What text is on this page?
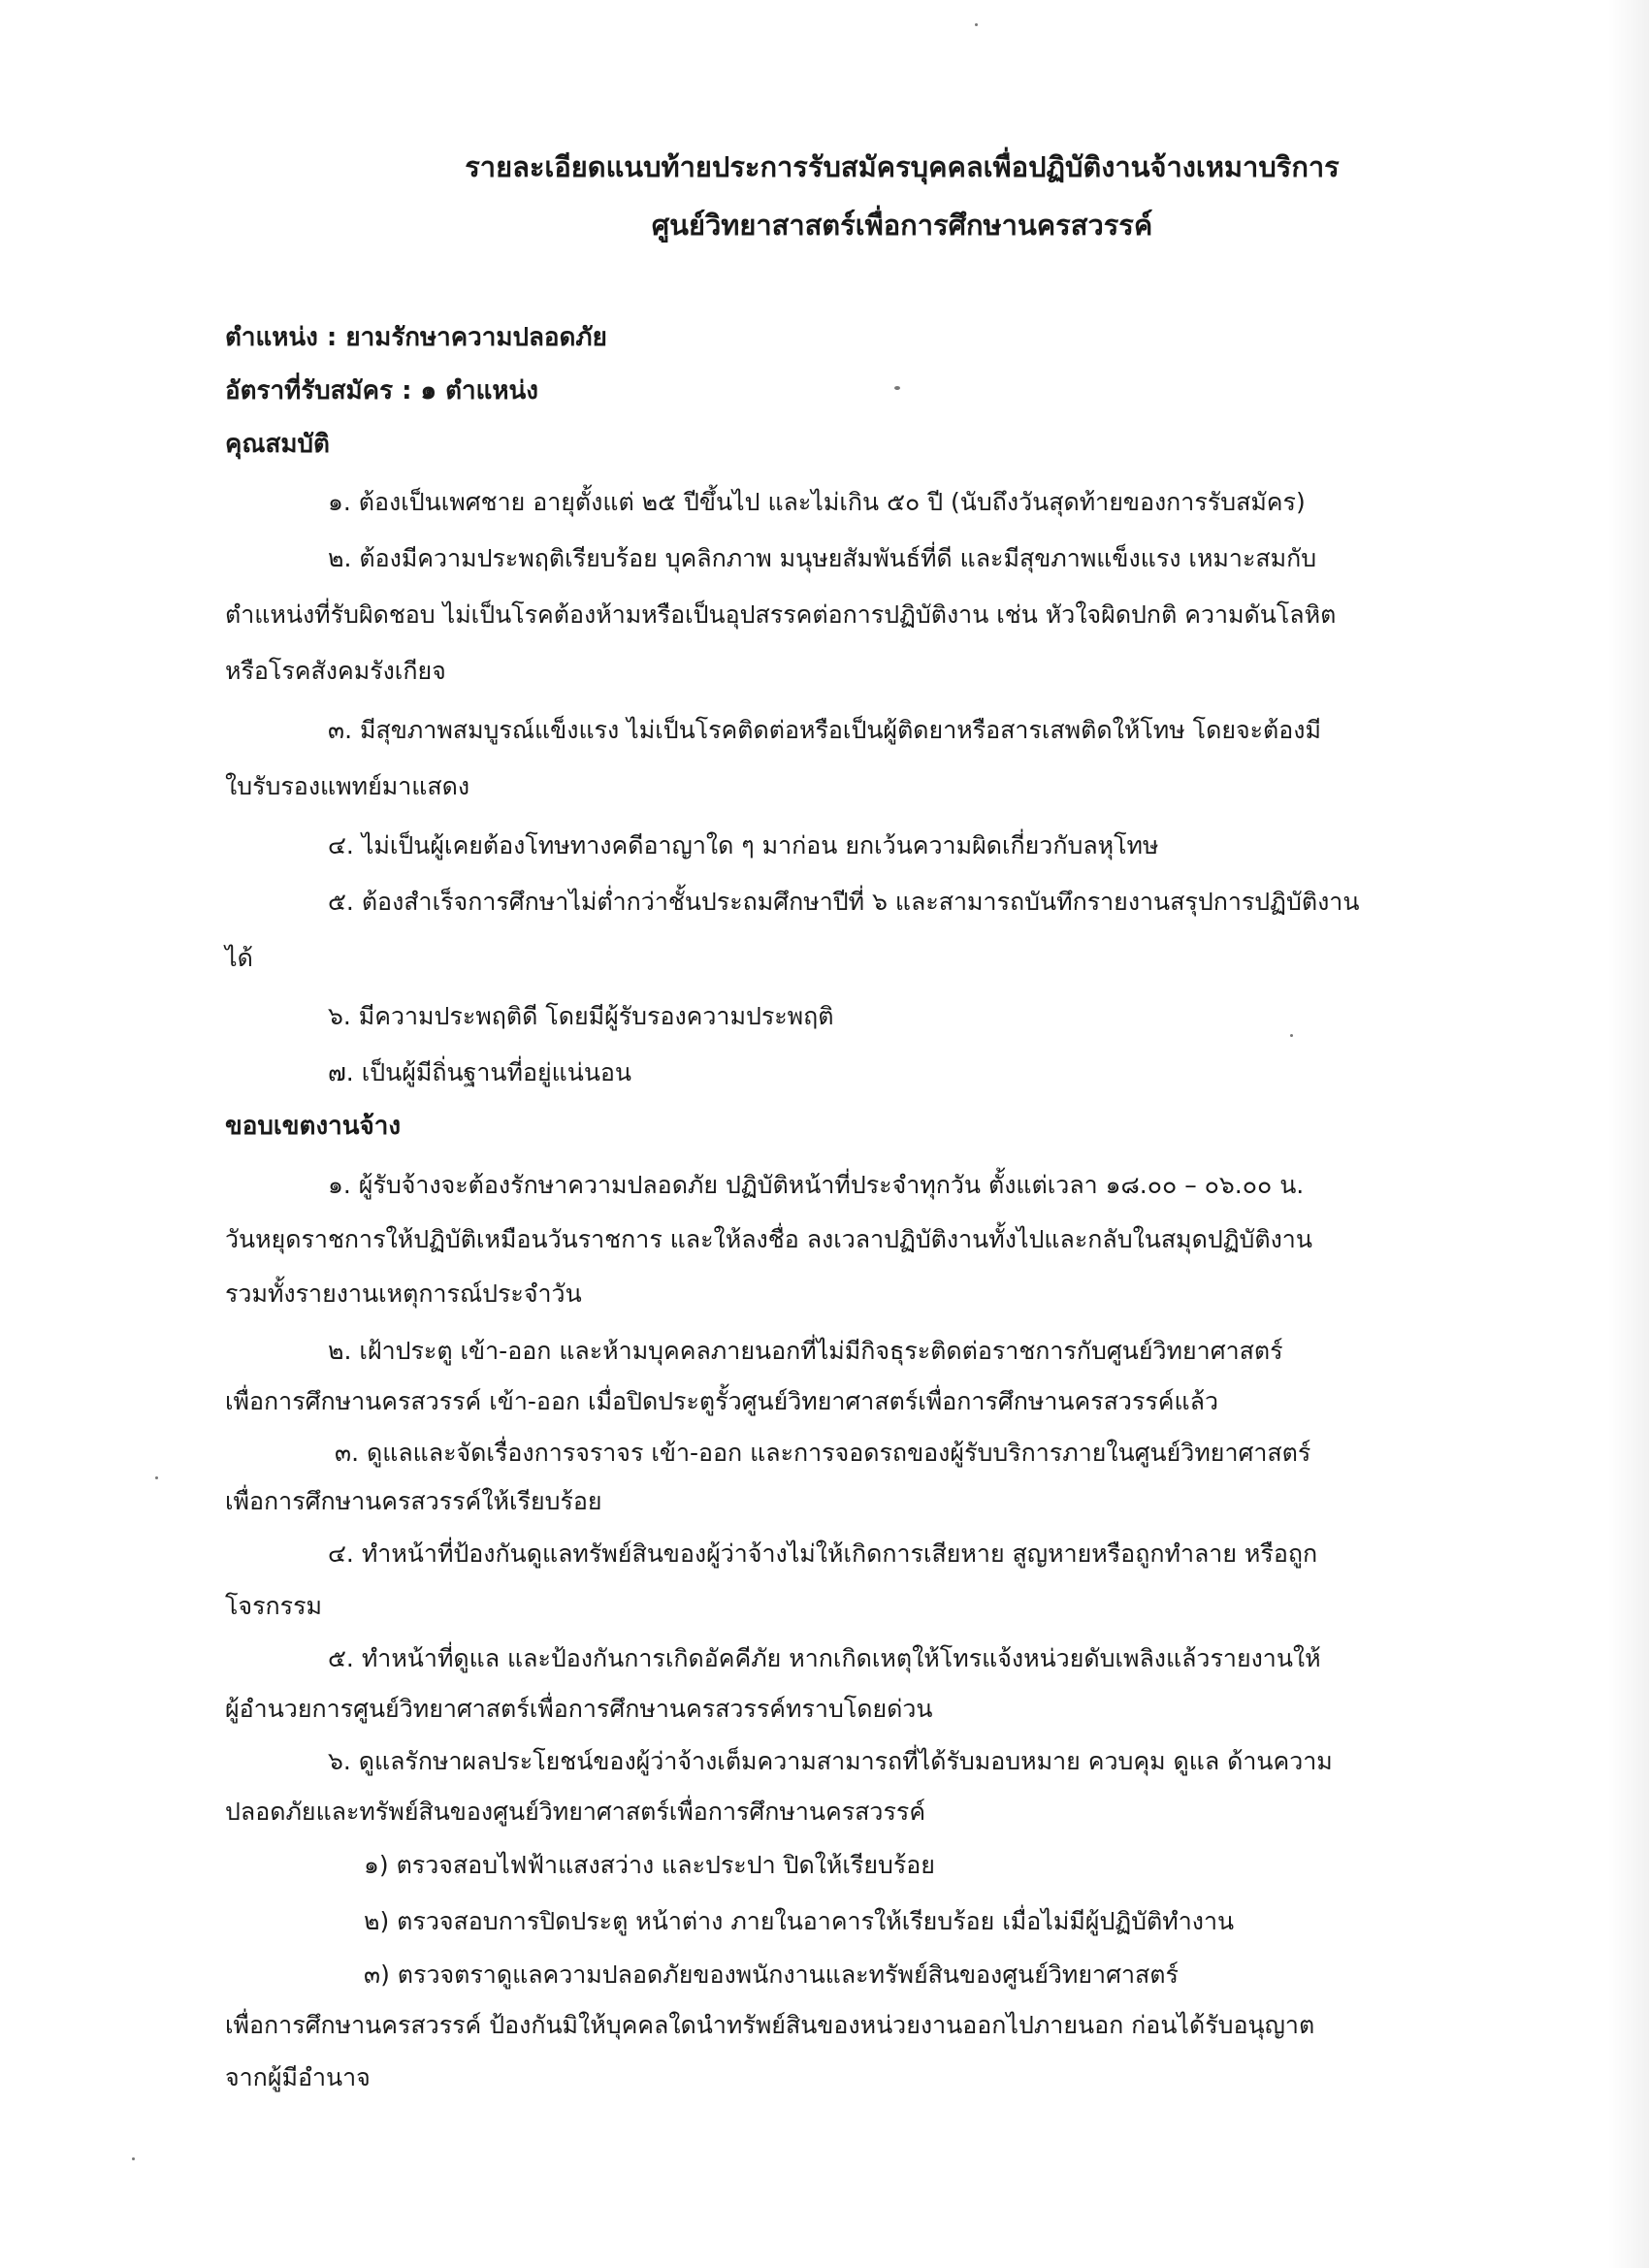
รายละเอียดแนบท้ายประการรับสมัครบุคคลเพื่อปฏิบัติงานจ้างเหมาบริการ
ศูนย์วิทยาสาสตร์เพื่อการศึกษานครสวรรค์
ตำแหน่ง : ยามรักษาความปลอดภัย
อัตราที่รับสมัคร : ๑ ตำแหน่ง
คุณสมบัติ
๑. ต้องเป็นเพศชาย อายุตั้งแต่ ๒๕ ปีขึ้นไป และไม่เกิน ๕๐ ปี (นับถึงวันสุดท้ายของการรับสมัคร)
๒. ต้องมีความประพฤติเรียบร้อย บุคลิกภาพ มนุษยสัมพันธ์ที่ดี และมีสุขภาพแข็งแรง เหมาะสมกับ
ตำแหน่งที่รับผิดชอบ ไม่เป็นโรคต้องห้ามหรือเป็นอุปสรรคต่อการปฏิบัติงาน เช่น หัวใจผิดปกติ ความดันโลหิต
หรือโรคสังคมรังเกียจ
๓. มีสุขภาพสมบูรณ์แข็งแรง ไม่เป็นโรคติดต่อหรือเป็นผู้ติดยาหรือสารเสพติดให้โทษ โดยจะต้องมี
ใบรับรองแพทย์มาแสดง
๔. ไม่เป็นผู้เคยต้องโทษทางคดีอาญาใด ๆ มาก่อน ยกเว้นความผิดเกี่ยวกับลหุโทษ
๕. ต้องสำเร็จการศึกษาไม่ต่ำกว่าชั้นประถมศึกษาปีที่ ๖ และสามารถบันทึกรายงานสรุปการปฏิบัติงาน
ได้
๖. มีความประพฤติดี โดยมีผู้รับรองความประพฤติ
๗. เป็นผู้มีถิ่นฐานที่อยู่แน่นอน
ขอบเขตงานจ้าง
๑. ผู้รับจ้างจะต้องรักษาความปลอดภัย ปฏิบัติหน้าที่ประจำทุกวัน ตั้งแต่เวลา ๑๘.๐๐ – ๐๖.๐๐ น.
วันหยุดราชการให้ปฏิบัติเหมือนวันราชการ และให้ลงชื่อ ลงเวลาปฏิบัติงานทั้งไปและกลับในสมุดปฏิบัติงาน
รวมทั้งรายงานเหตุการณ์ประจำวัน
๒. เฝ้าประตู เข้า-ออก และห้ามบุคคลภายนอกที่ไม่มีกิจธุระติดต่อราชการกับศูนย์วิทยาศาสตร์
เพื่อการศึกษานครสวรรค์ เข้า-ออก เมื่อปิดประตูรั้วศูนย์วิทยาศาสตร์เพื่อการศึกษานครสวรรค์แล้ว
๓. ดูแลและจัดเรื่องการจราจร เข้า-ออก และการจอดรถของผู้รับบริการภายในศูนย์วิทยาศาสตร์
เพื่อการศึกษานครสวรรค์ให้เรียบร้อย
๔. ทำหน้าที่ป้องกันดูแลทรัพย์สินของผู้ว่าจ้างไม่ให้เกิดการเสียหาย สูญหายหรือถูกทำลาย หรือถูก
โจรกรรม
๕. ทำหน้าที่ดูแล และป้องกันการเกิดอัคคีภัย หากเกิดเหตุให้โทรแจ้งหน่วยดับเพลิงแล้วรายงานให้
ผู้อำนวยการศูนย์วิทยาศาสตร์เพื่อการศึกษานครสวรรค์ทราบโดยด่วน
๖. ดูแลรักษาผลประโยชน์ของผู้ว่าจ้างเต็มความสามารถที่ได้รับมอบหมาย ควบคุม ดูแล ด้านความ
ปลอดภัยและทรัพย์สินของศูนย์วิทยาศาสตร์เพื่อการศึกษานครสวรรค์
๑) ตรวจสอบไฟฟ้าแสงสว่าง และประปา ปิดให้เรียบร้อย
๒) ตรวจสอบการปิดประตู หน้าต่าง ภายในอาคารให้เรียบร้อย เมื่อไม่มีผู้ปฏิบัติทำงาน
๓) ตรวจตราดูแลความปลอดภัยของพนักงานและทรัพย์สินของศูนย์วิทยาศาสตร์
เพื่อการศึกษานครสวรรค์ ป้องกันมิให้บุคคลใดนำทรัพย์สินของหน่วยงานออกไปภายนอก ก่อนได้รับอนุญาต
จากผู้มีอำนาจ
